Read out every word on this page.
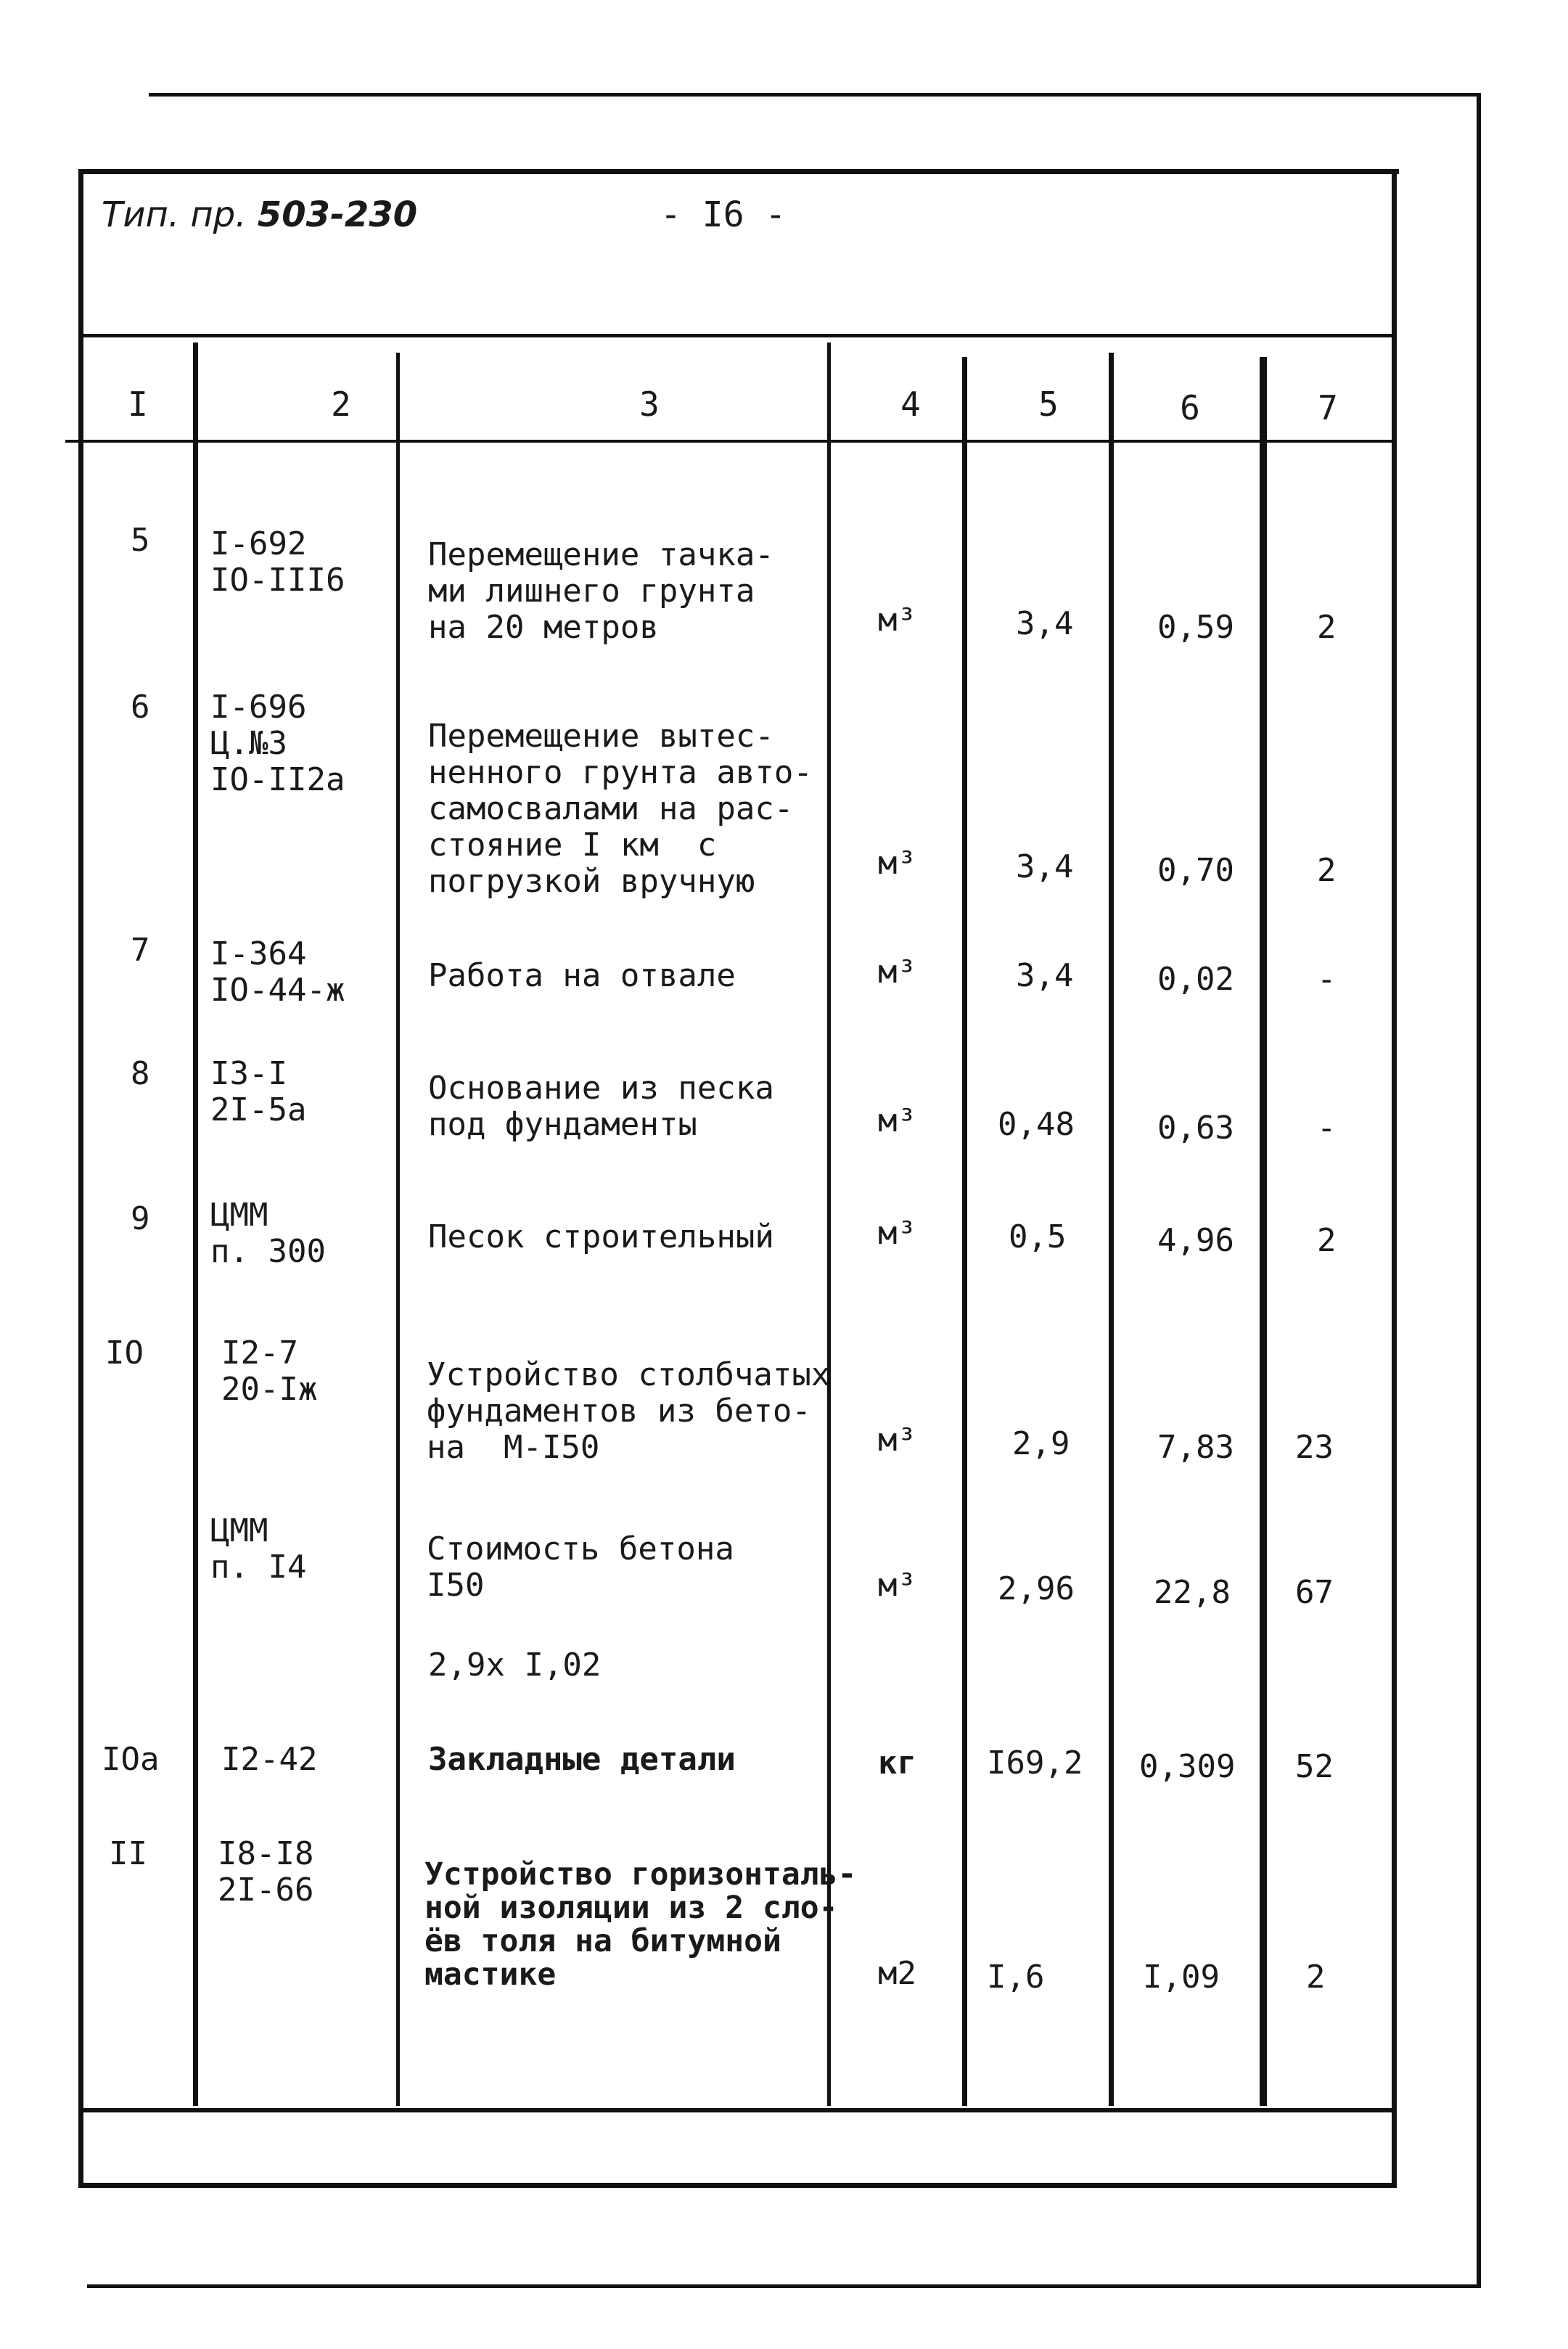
Тип. пр. 503-230	- I6 -
I	2	3	4	5	6	7
5 I-692
IO-III6
Перемещение тачка-
ми лишнего грунта
на 20 метров	м³	3,4	0,59	2
6 I-696
Ц.№3
IO-II2а
Перемещение вытес-
ненного грунта авто-
самосвалами на рас-
стояние I км  с
погрузкой вручную	м³	3,4	0,70	2
7 I-364
IO-44-ж	Работа на отвале	м³	3,4	0,02	-
8 I3-I
2I-5а
Основание из песка
под фундаменты	м³	0,48	0,63	-
9 ЦММ
п. 300	Песок строительный	м³	0,5	4,96	2
IO I2-7
20-Iж	Устройство столбчатых
фундаментов из бето-
на  М-I50	м³	2,9	7,83 23
ЦММ
п. I4	Стоимость бетона
I50	м³	2,96 22,8 67
2,9х I,02
IOа I2-42	Закладные детали	кг I69,2 0,309 52
II I8-I8
2I-66	Устройство горизонталь-
ной изоляции из 2 сло-
ёв толя на битумной
мастике	м2 I,6	I,09	2
